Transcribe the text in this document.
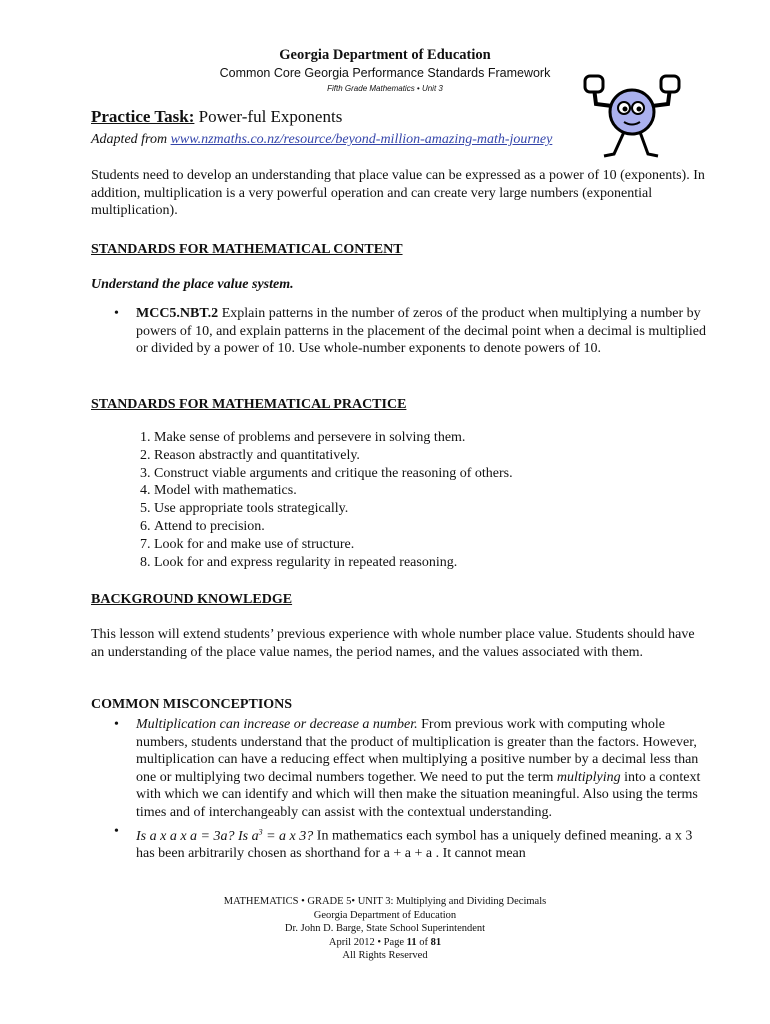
Georgia Department of Education
Common Core Georgia Performance Standards Framework
Fifth Grade Mathematics • Unit 3
Practice Task: Power-ful Exponents
Adapted from www.nzmaths.co.nz/resource/beyond-million-amazing-math-journey
Students need to develop an understanding that place value can be expressed as a power of 10 (exponents). In addition, multiplication is a very powerful operation and can create very large numbers (exponential multiplication).
STANDARDS FOR MATHEMATICAL CONTENT
Understand the place value system.
• MCC5.NBT.2 Explain patterns in the number of zeros of the product when multiplying a number by powers of 10, and explain patterns in the placement of the decimal point when a decimal is multiplied or divided by a power of 10. Use whole-number exponents to denote powers of 10.
STANDARDS FOR MATHEMATICAL PRACTICE
1. Make sense of problems and persevere in solving them.
2. Reason abstractly and quantitatively.
3. Construct viable arguments and critique the reasoning of others.
4. Model with mathematics.
5. Use appropriate tools strategically.
6. Attend to precision.
7. Look for and make use of structure.
8. Look for and express regularity in repeated reasoning.
BACKGROUND KNOWLEDGE
This lesson will extend students’ previous experience with whole number place value. Students should have an understanding of the place value names, the period names, and the values associated with them.
COMMON MISCONCEPTIONS
• Multiplication can increase or decrease a number. From previous work with computing whole numbers, students understand that the product of multiplication is greater than the factors. However, multiplication can have a reducing effect when multiplying a positive number by a decimal less than one or multiplying two decimal numbers together. We need to put the term multiplying into a context with which we can identify and which will then make the situation meaningful. Also using the terms times and of interchangeably can assist with the contextual understanding.
• Is a x a x a = 3a? Is $a^3 = a$ x 3? In mathematics each symbol has a uniquely defined meaning. a x 3 has been arbitrarily chosen as shorthand for a + a + a . It cannot mean
MATHEMATICS • GRADE 5• UNIT 3: Multiplying and Dividing Decimals
Georgia Department of Education
Dr. John D. Barge, State School Superintendent
April 2012 • Page 11 of 81
All Rights Reserved
